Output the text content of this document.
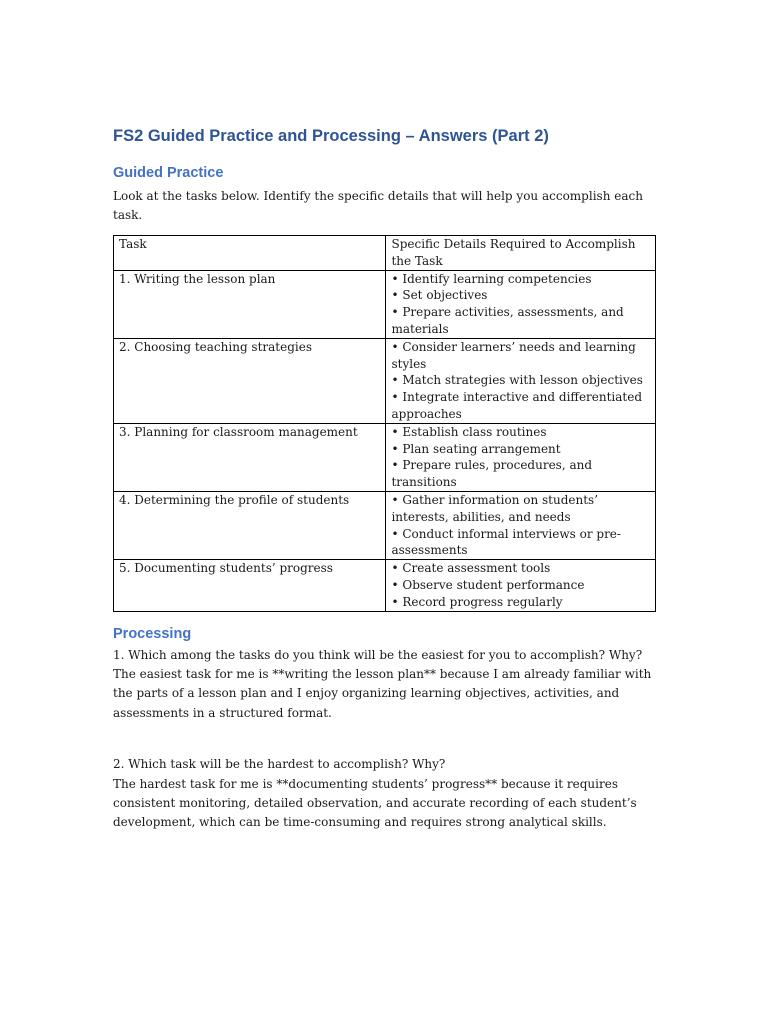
FS2 Guided Practice and Processing – Answers (Part 2)
Guided Practice

Look at the tasks below. Identify the specific details that will help you accomplish each task.

Task	Specific Details Required to Accomplish the Task
1. Writing the lesson plan	• Identify learning competencies
• Set objectives
• Prepare activities, assessments, and materials

2. Choosing teaching strategies	• Consider learners’ needs and learning styles
• Match strategies with lesson objectives
• Integrate interactive and differentiated approaches

3. Planning for classroom management	• Establish class routines
• Plan seating arrangement
• Prepare rules, procedures, and transitions

4. Determining the profile of students	• Gather information on students’ interests, abilities, and needs
• Conduct informal interviews or pre-assessments

5. Documenting students’ progress	• Create assessment tools
• Observe student performance
• Record progress regularly
Processing
1. Which among the tasks do you think will be the easiest for you to accomplish? Why?
The easiest task for me is **writing the lesson plan** because I am already familiar with the parts of a lesson plan and I enjoy organizing learning objectives, activities, and assessments in a structured format.
2. Which task will be the hardest to accomplish? Why?
The hardest task for me is **documenting students’ progress** because it requires consistent monitoring, detailed observation, and accurate recording of each student’s development, which can be time-consuming and requires strong analytical skills.
